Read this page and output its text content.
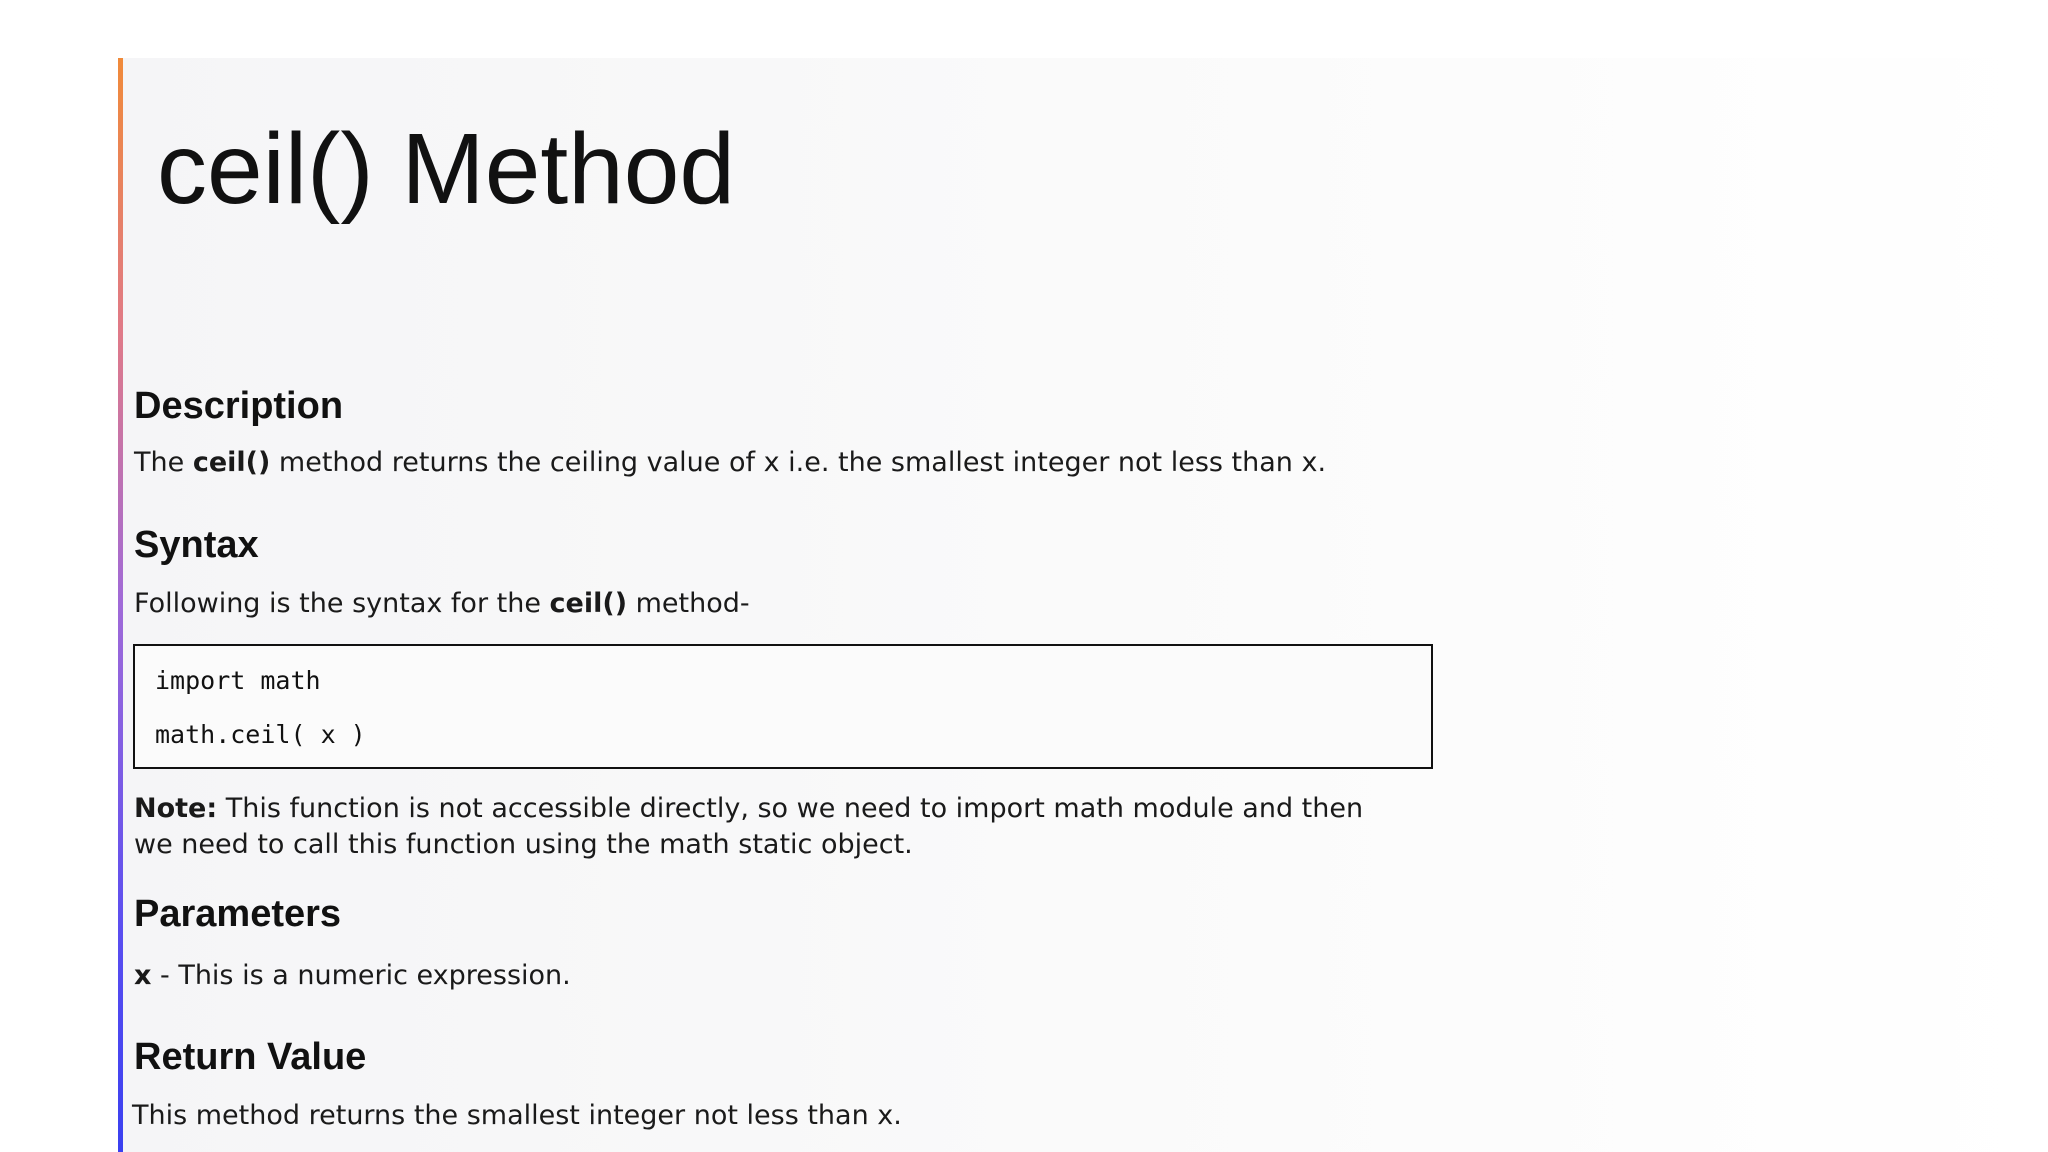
ceil() Method
Description

The ceil() method returns the ceiling value of x i.e. the smallest integer not less than x.

Syntax

Following is the syntax for the ceil() method-

import math

math.ceil( x )

Note: This function is not accessible directly, so we need to import math module and then

we need to call this function using the math static object.

Parameters

x - This is a numeric expression.

Return Value

This method returns the smallest integer not less than x.
